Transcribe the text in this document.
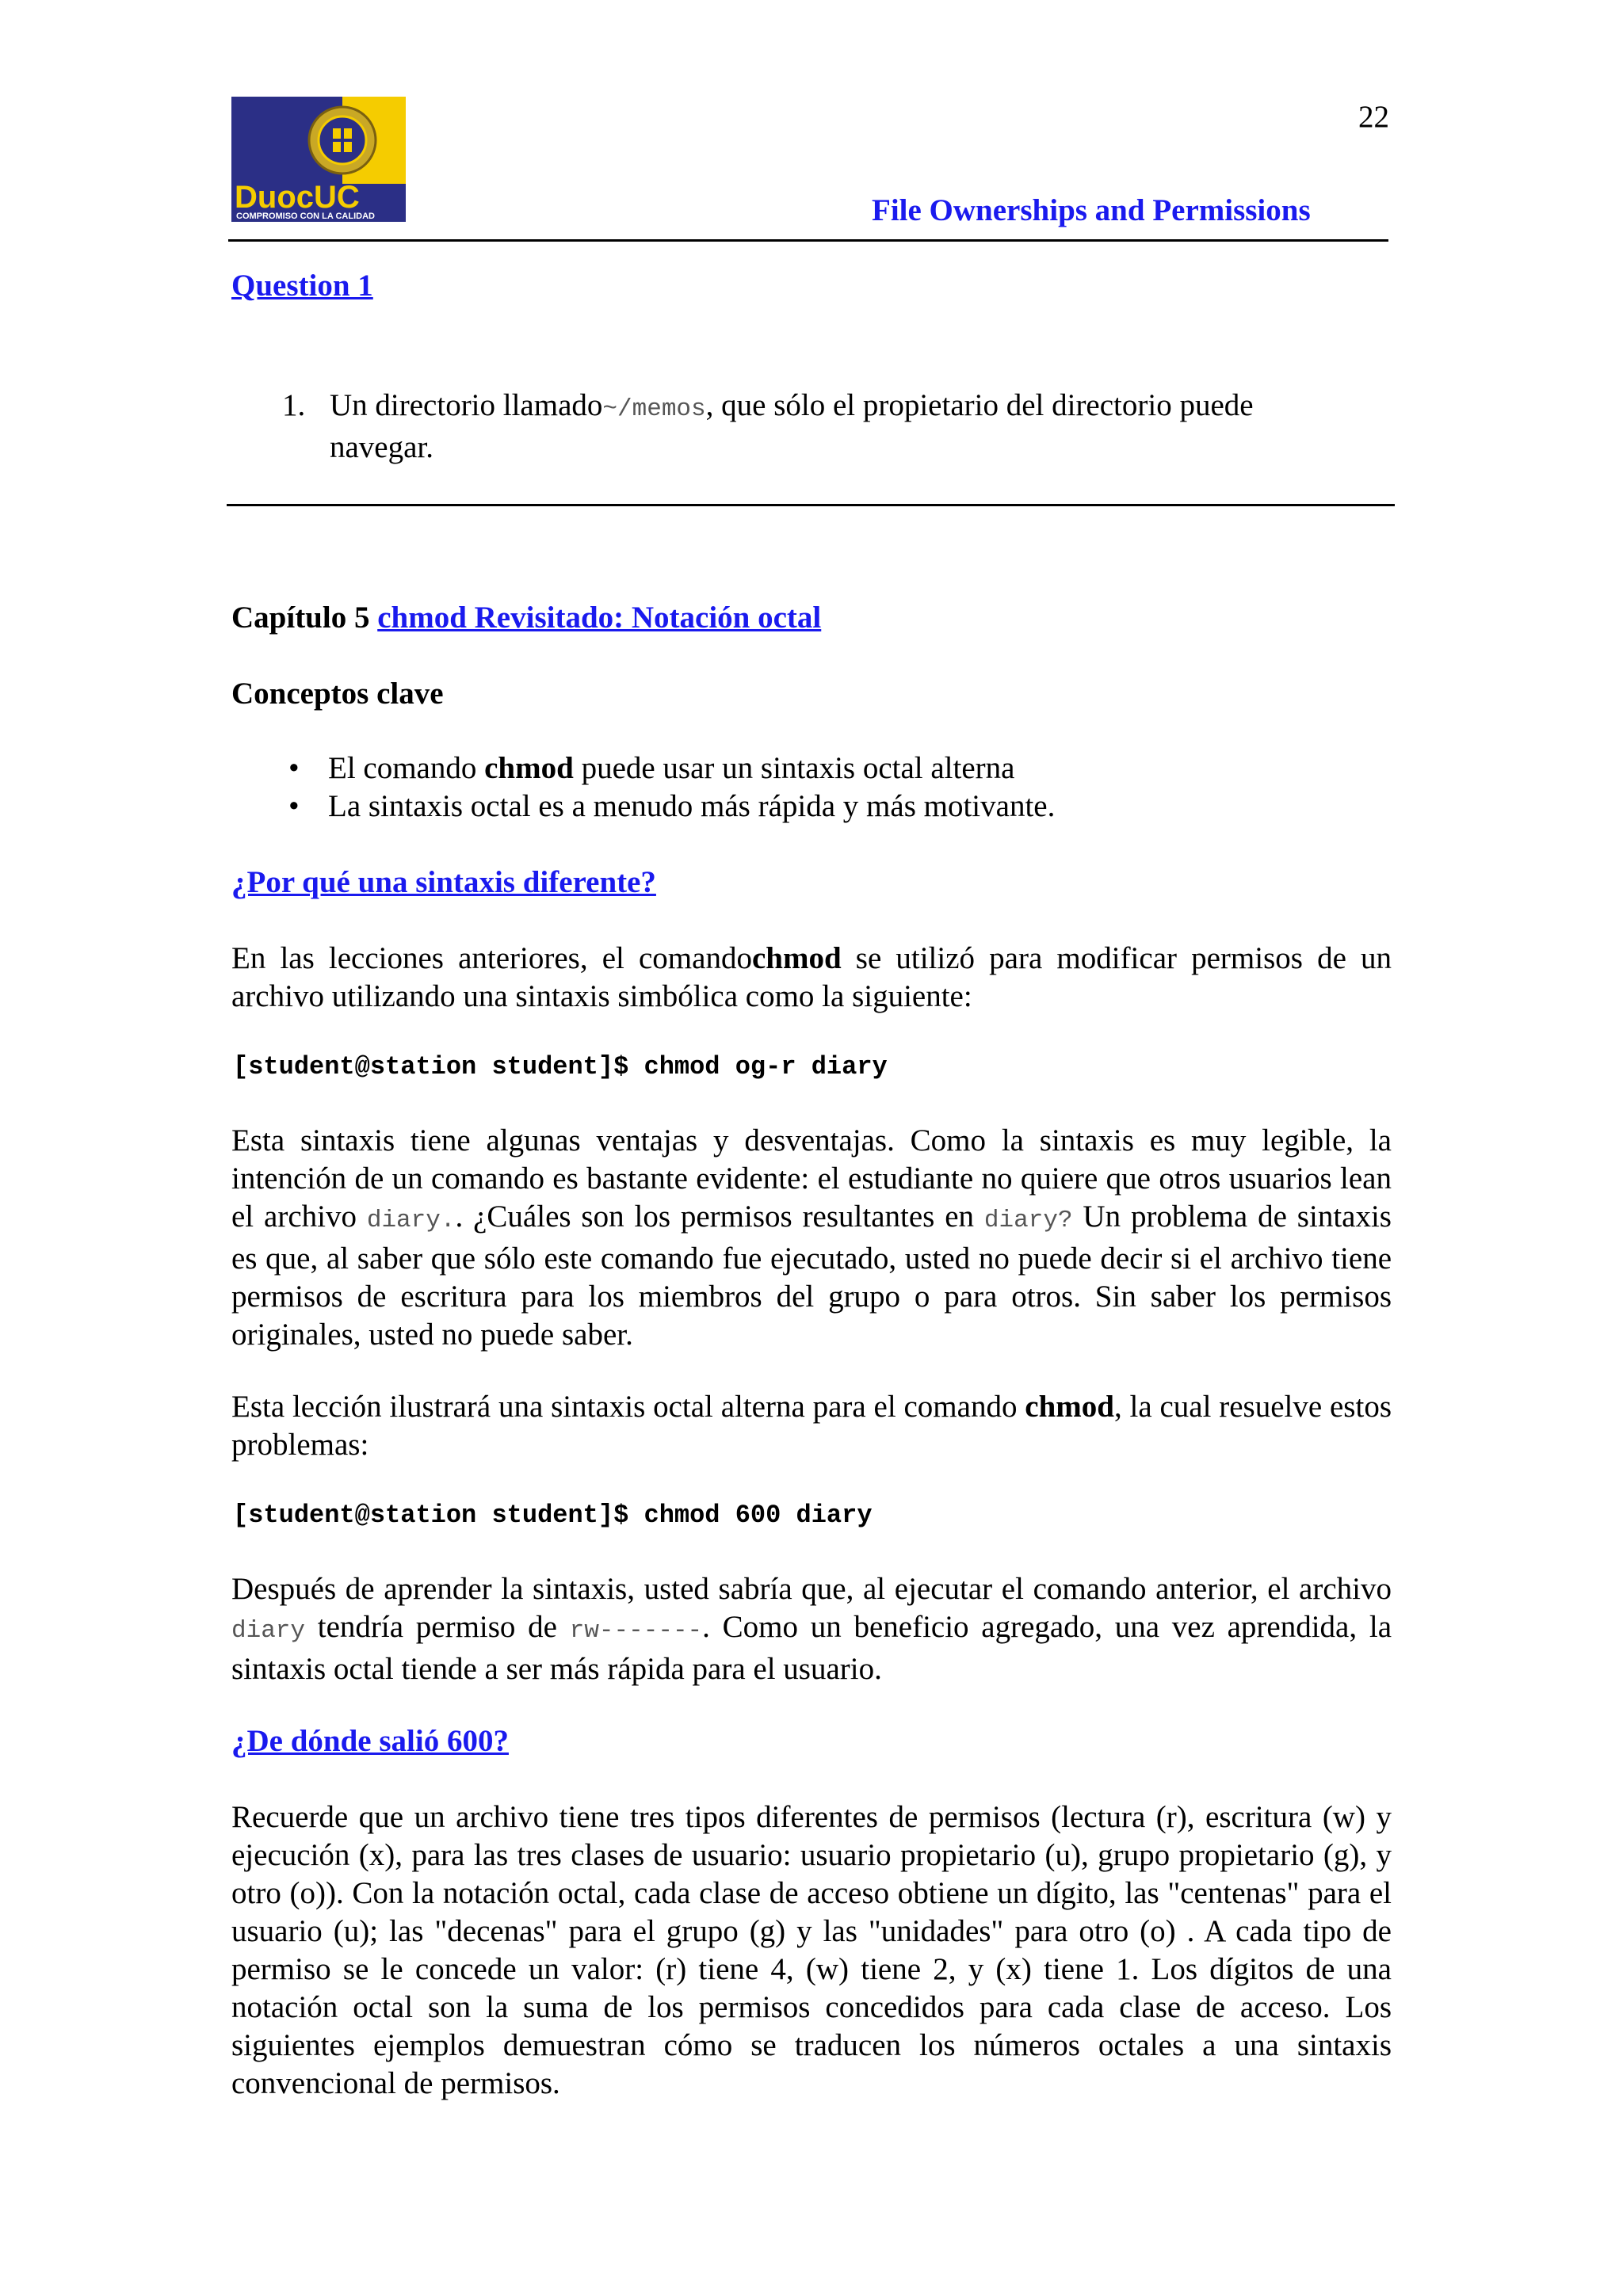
DuocUC
COMPROMISO CON LA CALIDAD
22
File Ownerships and Permissions
Question 1
1. Un directorio llamado~/memos, que sólo el propietario del directorio puede
navegar.
Capítulo 5 chmod Revisitado: Notación octal
Conceptos clave
• El comando chmod puede usar un sintaxis octal alterna
• La sintaxis octal es a menudo más rápida y más motivante.
¿Por qué una sintaxis diferente?
En las lecciones anteriores, el comandochmod se utilizó para modificar permisos de un archivo utilizando una sintaxis simbólica como la siguiente:
[student@station student]$ chmod og-r diary
Esta sintaxis tiene algunas ventajas y desventajas. Como la sintaxis es muy legible, la intención de un comando es bastante evidente: el estudiante no quiere que otros usuarios lean el archivo diary.. ¿Cuáles son los permisos resultantes en diary? Un problema de sintaxis es que, al saber que sólo este comando fue ejecutado, usted no puede decir si el archivo tiene permisos de escritura para los miembros del grupo o para otros. Sin saber los permisos originales, usted no puede saber.
Esta lección ilustrará una sintaxis octal alterna para el comando chmod, la cual resuelve estos problemas:
[student@station student]$ chmod 600 diary
Después de aprender la sintaxis, usted sabría que, al ejecutar el comando anterior, el archivo diary tendría permiso de rw-------. Como un beneficio agregado, una vez aprendida, la sintaxis octal tiende a ser más rápida para el usuario.
¿De dónde salió 600?
Recuerde que un archivo tiene tres tipos diferentes de permisos (lectura (r), escritura (w) y ejecución (x), para las tres clases de usuario: usuario propietario (u), grupo propietario (g), y otro (o)). Con la notación octal, cada clase de acceso obtiene un dígito, las "centenas" para el usuario (u); las "decenas" para el grupo (g) y las "unidades" para otro (o) . A cada tipo de permiso se le concede un valor: (r) tiene 4, (w) tiene 2, y (x) tiene 1. Los dígitos de una notación octal son la suma de los permisos concedidos para cada clase de acceso. Los siguientes ejemplos demuestran cómo se traducen los números octales a una sintaxis convencional de permisos.
